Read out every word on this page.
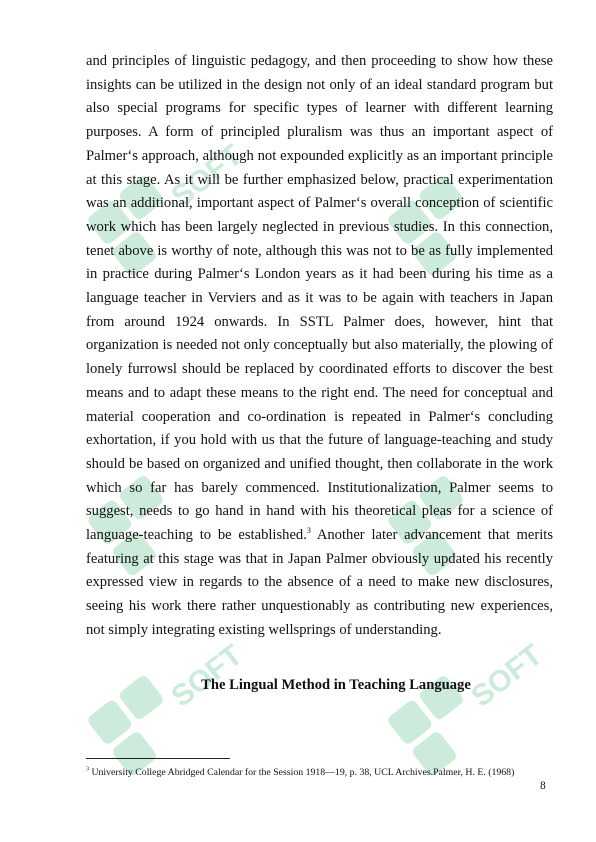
SOFT
SOFT	SOFT

and principles of linguistic pedagogy, and then proceeding to show how these insights can be utilized in the design not only of an ideal standard program but also special programs for specific types of learner with different learning purposes. A form of principled pluralism was thus an important aspect of Palmer‘s approach, although not expounded explicitly as an important principle at this stage. As it will be further emphasized below, practical experimentation was an additional, important aspect of Palmer‘s overall conception of scientific work which has been largely neglected in previous studies. In this connection, tenet above is worthy of note, although this was not to be as fully implemented in practice during Palmer‘s London years as it had been during his time as a language teacher in Verviers and as it was to be again with teachers in Japan from around 1924 onwards. In SSTL Palmer does, however, hint that organization is needed not only conceptually but also materially, the plowing of lonely furrowsl should be replaced by coordinated efforts to discover the best means and to adapt these means to the right end. The need for conceptual and material cooperation and co-ordination is repeated in Palmer‘s concluding exhortation, if you hold with us that the future of language-teaching and study should be based on organized and unified thought, then collaborate in the work which so far has barely commenced. Institutionalization, Palmer seems to suggest, needs to go hand in hand with his theoretical pleas for a science of language-teaching to be established.$^3$ Another later advancement that merits featuring at this stage was that in Japan Palmer obviously updated his recently expressed view in regards to the absence of a need to make new disclosures, seeing his work there rather unquestionably as contributing new experiences, not simply integrating existing wellsprings of understanding.

The Lingual Method in Teaching Language

$^3$ University College Abridged Calendar for the Session 1918—19, p. 38, UCL Archives.Palmer, H. E. (1968)

8
